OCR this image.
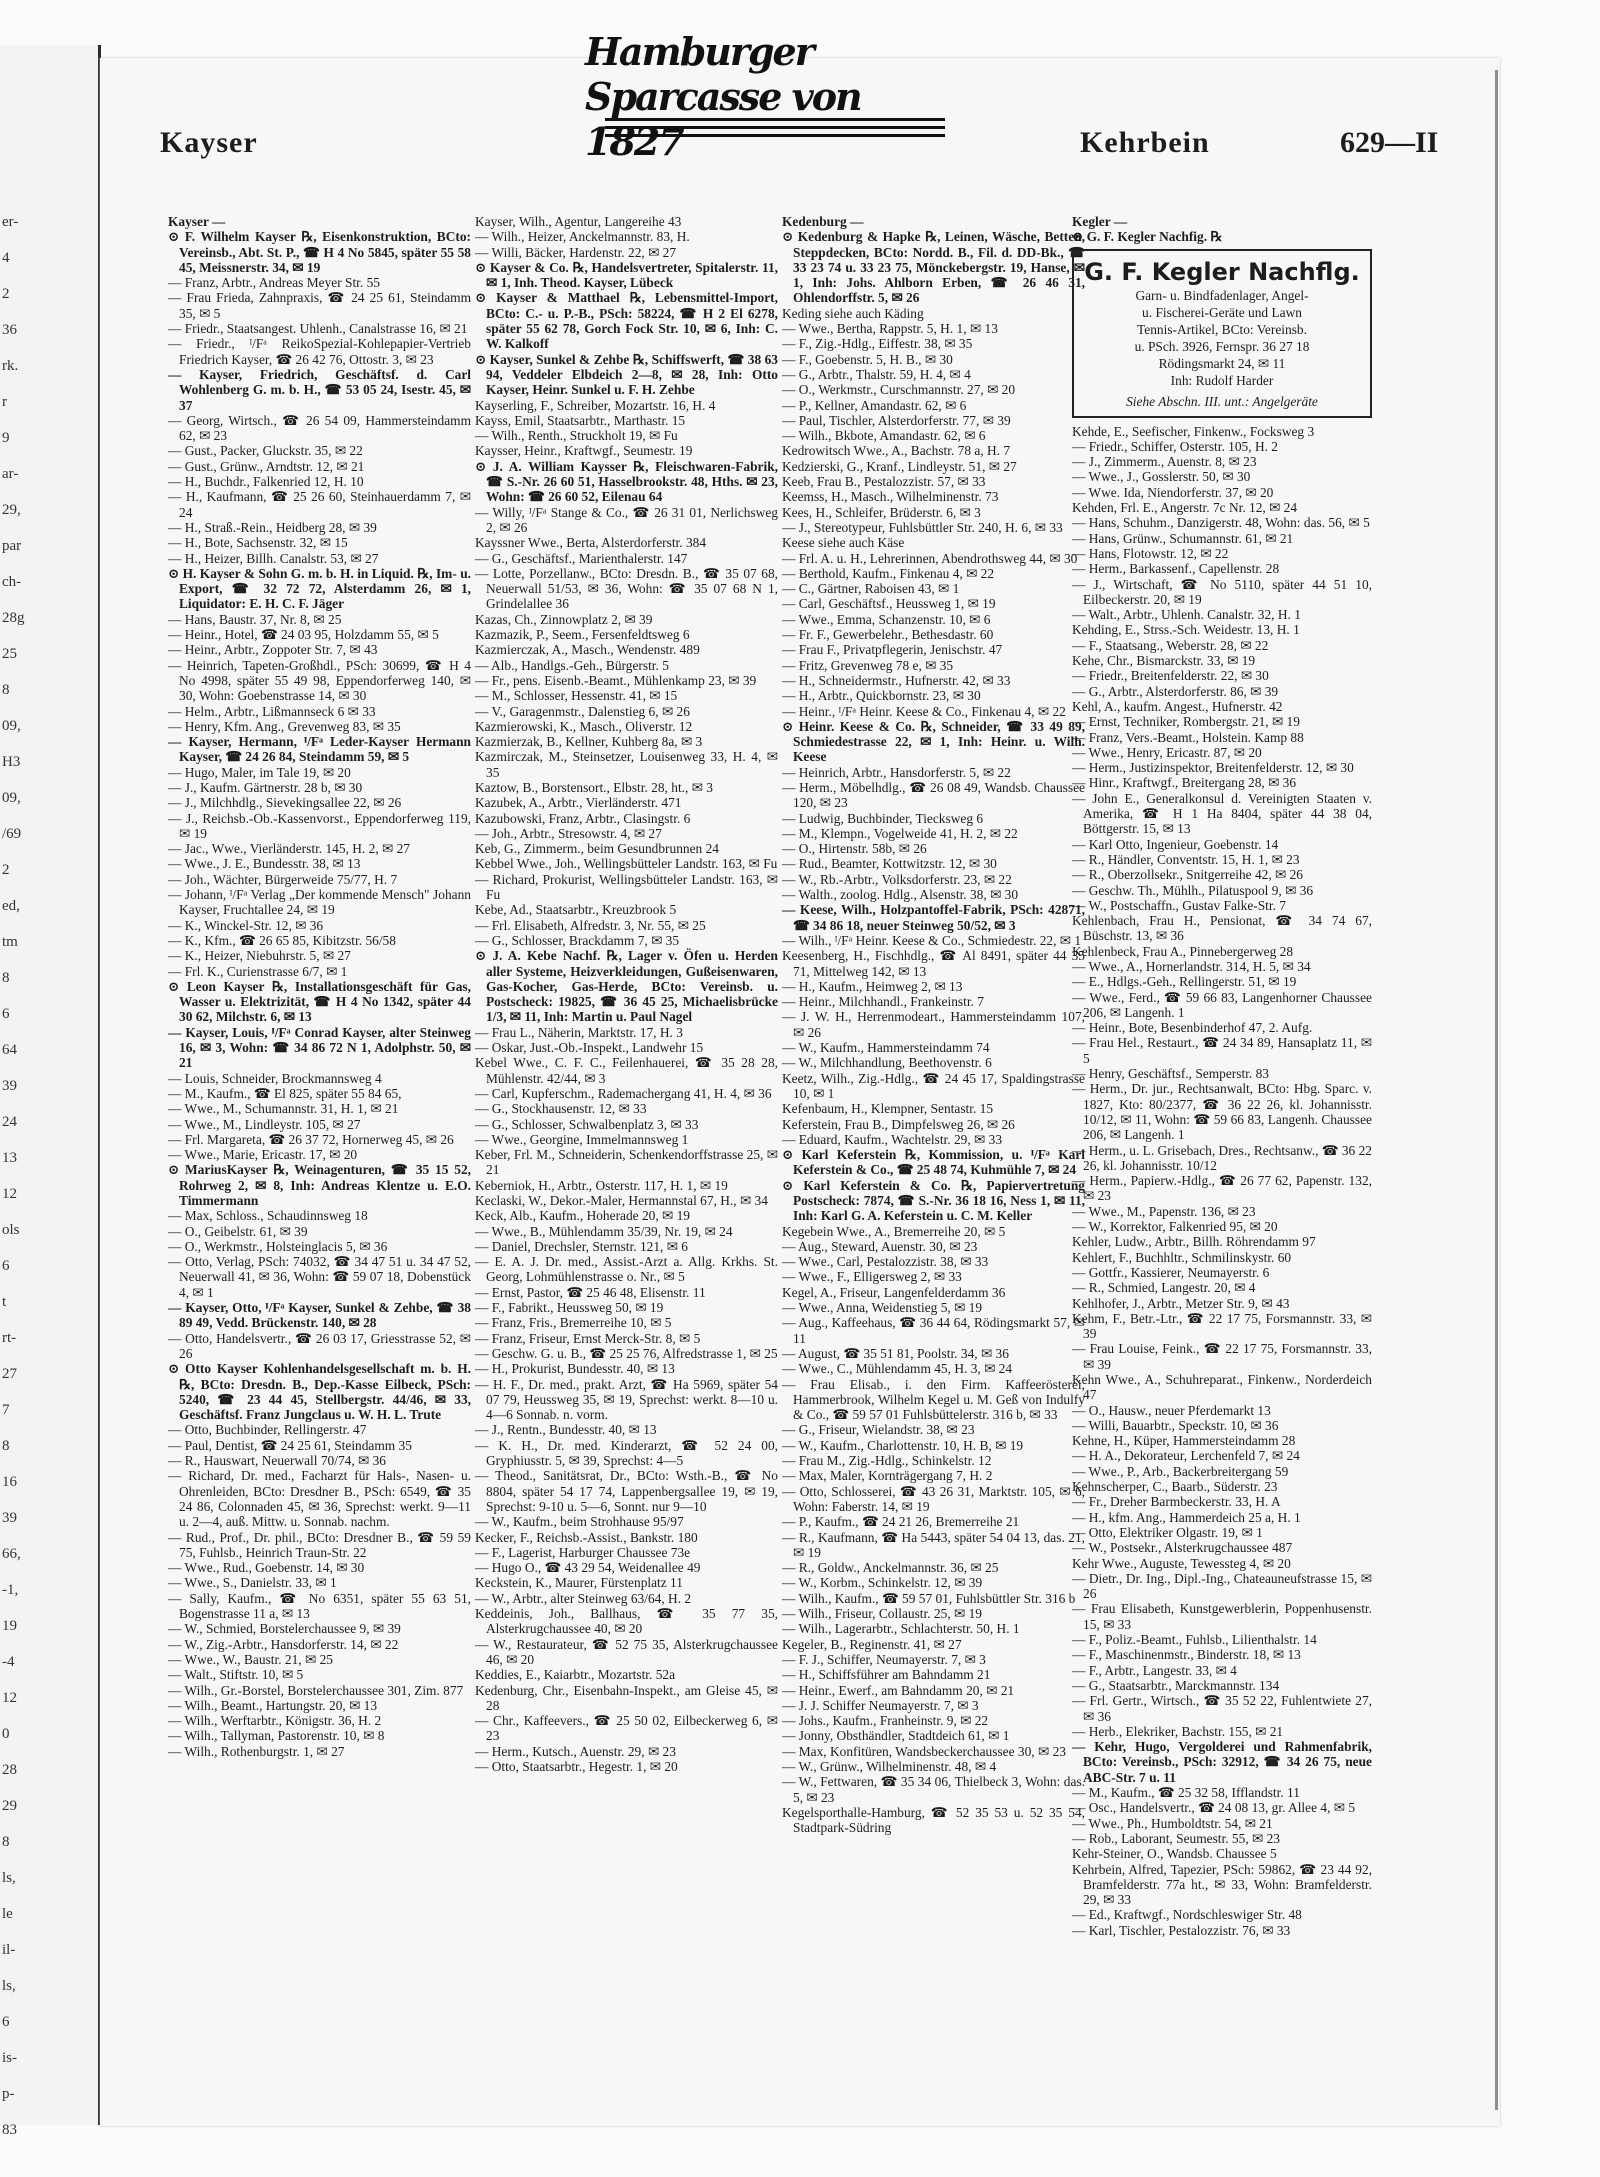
er-
4
2
36
rk.
r
9
ar-
29,
par
ch-
28g
25
8
09,
H3
09,
/69
2
ed,
tm
8
6
64
39
24
13
12
ols
6
t
rt-
27
7
8
16
39
66,
-1,
19
-4
12
0
28
29
8
ls,
le
il-
ls,
6
is-
p-
83
Kayser
Hamburger Sparcasse von 1827	Kehrbein	629—II

Kayser —

⊙ F. Wilhelm Kayser ℞, Eisenkonstruktion, BCto: Vereinsb., Abt. St. P., ☎ H 4 No 5845, später 55 58 45, Meissnerstr. 34, ✉ 19

— Franz, Arbtr., Andreas Meyer Str. 55

— Frau Frieda, Zahnpraxis, ☎ 24 25 61, Steindamm 35, ✉ 5

— Friedr., Staatsangest. Uhlenh., Canalstrasse 16, ✉ 21

— Friedr., ᴵ/Fᵃ ReikoSpezial-Kohlepapier-Vertrieb Friedrich Kayser, ☎ 26 42 76, Ottostr. 3, ✉ 23

— Kayser, Friedrich, Geschäftsf. d. Carl Wohlenberg G. m. b. H., ☎ 53 05 24, Isestr. 45, ✉ 37

— Georg, Wirtsch., ☎ 26 54 09, Hammersteindamm 62, ✉ 23

— Gust., Packer, Gluckstr. 35, ✉ 22

— Gust., Grünw., Arndtstr. 12, ✉ 21

— H., Buchdr., Falkenried 12, H. 10

— H., Kaufmann, ☎ 25 26 60, Steinhauerdamm 7, ✉ 24

— H., Straß.-Rein., Heidberg 28, ✉ 39

— H., Bote, Sachsenstr. 32, ✉ 15

— H., Heizer, Billh. Canalstr. 53, ✉ 27

⊙ H. Kayser & Sohn G. m. b. H. in Liquid. ℞, Im- u. Export, ☎ 32 72 72, Alsterdamm 26, ✉ 1, Liquidator: E. H. C. F. Jäger

— Hans, Baustr. 37, Nr. 8, ✉ 25

— Heinr., Hotel, ☎ 24 03 95, Holzdamm 55, ✉ 5

— Heinr., Arbtr., Zoppoter Str. 7, ✉ 43

— Heinrich, Tapeten-Großhdl., PSch: 30699, ☎ H 4 No 4998, später 55 49 98, Eppendorferweg 140, ✉ 30, Wohn: Goebenstrasse 14, ✉ 30

— Helm., Arbtr., Lißmannseck 6 ✉ 33

— Henry, Kfm. Ang., Grevenweg 83, ✉ 35

— Kayser, Hermann, ᴵ/Fᵃ Leder-Kayser Hermann Kayser, ☎ 24 26 84, Steindamm 59, ✉ 5

— Hugo, Maler, im Tale 19, ✉ 20

— J., Kaufm. Gärtnerstr. 28 b, ✉ 30

— J., Milchhdlg., Sievekingsallee 22, ✉ 26

— J., Reichsb.-Ob.-Kassenvorst., Eppendorferweg 119, ✉ 19

— Jac., Wwe., Vierländerstr. 145, H. 2, ✉ 27

— Wwe., J. E., Bundesstr. 38, ✉ 13

— Joh., Wächter, Bürgerweide 75/77, H. 7

— Johann, ᴵ/Fᵃ Verlag „Der kommende Mensch" Johann Kayser, Fruchtallee 24, ✉ 19

— K., Winckel-Str. 12, ✉ 36

— K., Kfm., ☎ 26 65 85, Kibitzstr. 56/58

— K., Heizer, Niebuhrstr. 5, ✉ 27

— Frl. K., Curienstrasse 6/7, ✉ 1

⊙ Leon Kayser ℞, Installationsgeschäft für Gas, Wasser u. Elektrizität, ☎ H 4 No 1342, später 44 30 62, Milchstr. 6, ✉ 13

— Kayser, Louis, ᴵ/Fᵃ Conrad Kayser, alter Steinweg 16, ✉ 3, Wohn: ☎ 34 86 72 N 1, Adolphstr. 50, ✉ 21

— Louis, Schneider, Brockmannsweg 4

— M., Kaufm., ☎ El 825, später 55 84 65,

— Wwe., M., Schumannstr. 31, H. 1, ✉ 21

— Wwe., M., Lindleystr. 105, ✉ 27

— Frl. Margareta, ☎ 26 37 72, Hornerweg 45, ✉ 26

— Wwe., Marie, Ericastr. 17, ✉ 20

⊙ MariusKayser ℞, Weinagenturen, ☎ 35 15 52, Rohrweg 2, ✉ 8, Inh: Andreas Klentze u. E.O. Timmermann

— Max, Schloss., Schaudinnsweg 18

— O., Geibelstr. 61, ✉ 39

— O., Werkmstr., Holsteinglacis 5, ✉ 36

— Otto, Verlag, PSch: 74032, ☎ 34 47 51 u. 34 47 52, Neuerwall 41, ✉ 36, Wohn: ☎ 59 07 18, Dobenstück 4, ✉ 1

— Kayser, Otto, ᴵ/Fᵃ Kayser, Sunkel & Zehbe, ☎ 38 89 49, Vedd. Brückenstr. 140, ✉ 28

— Otto, Handelsvertr., ☎ 26 03 17, Griesstrasse 52, ✉ 26

⊙ Otto Kayser Kohlenhandelsgesellschaft m. b. H. ℞, BCto: Dresdn. B., Dep.-Kasse Eilbeck, PSch: 5240, ☎ 23 44 45, Stellbergstr. 44/46, ✉ 33, Geschäftsf. Franz Jungclaus u. W. H. L. Trute

— Otto, Buchbinder, Rellingerstr. 47

— Paul, Dentist, ☎ 24 25 61, Steindamm 35

— R., Hauswart, Neuerwall 70/74, ✉ 36

— Richard, Dr. med., Facharzt für Hals-, Nasen- u. Ohrenleiden, BCto: Dresdner B., PSch: 6549, ☎ 35 24 86, Colonnaden 45, ✉ 36, Sprechst: werkt. 9—11 u. 2—4, auß. Mittw. u. Sonnab. nachm.

— Rud., Prof., Dr. phil., BCto: Dresdner B., ☎ 59 59 75, Fuhlsb., Heinrich Traun-Str. 22

— Wwe., Rud., Goebenstr. 14, ✉ 30

— Wwe., S., Danielstr. 33, ✉ 1

— Sally, Kaufm., ☎ No 6351, später 55 63 51, Bogenstrasse 11 a, ✉ 13

— W., Schmied, Borstelerchaussee 9, ✉ 39

— W., Zig.-Arbtr., Hansdorferstr. 14, ✉ 22

— Wwe., W., Baustr. 21, ✉ 25

— Walt., Stiftstr. 10, ✉ 5

— Wilh., Gr.-Borstel, Borstelerchaussee 301, Zim. 877

— Wilh., Beamt., Hartungstr. 20, ✉ 13

— Wilh., Werftarbtr., Königstr. 36, H. 2

— Wilh., Tallyman, Pastorenstr. 10, ✉ 8

— Wilh., Rothenburgstr. 1, ✉ 27

Kayser, Wilh., Agentur, Langereihe 43

— Wilh., Heizer, Anckelmannstr. 83, H.

— Willi, Bäcker, Hardenstr. 22, ✉ 27

⊙ Kayser & Co. ℞, Handelsvertreter, Spitalerstr. 11, ✉ 1, Inh. Theod. Kayser, Lübeck

⊙ Kayser & Matthael ℞, Lebensmittel-Import, BCto: C.- u. P.-B., PSch: 58224, ☎ H 2 El 6278, später 55 62 78, Gorch Fock Str. 10, ✉ 6, Inh: C. W. Kalkoff

⊙ Kayser, Sunkel & Zehbe ℞, Schiffswerft, ☎ 38 63 94, Veddeler Elbdeich 2—8, ✉ 28, Inh: Otto Kayser, Heinr. Sunkel u. F. H. Zehbe

Kayserling, F., Schreiber, Mozartstr. 16, H. 4

Kayss, Emil, Staatsarbtr., Marthastr. 15

— Wilh., Renth., Struckholt 19, ✉ Fu

Kaysser, Heinr., Kraftwgf., Seumestr. 19

⊙ J. A. William Kaysser ℞, Fleischwaren-Fabrik, ☎ S.-Nr. 26 60 51, Hasselbrookstr. 48, Hths. ✉ 23, Wohn: ☎ 26 60 52, Eilenau 64

— Willy, ᴵ/Fᵃ Stange & Co., ☎ 26 31 01, Nerlichsweg 2, ✉ 26

Kayssner Wwe., Berta, Alsterdorferstr. 384

— G., Geschäftsf., Marienthalerstr. 147

— Lotte, Porzellanw., BCto: Dresdn. B., ☎ 35 07 68, Neuerwall 51/53, ✉ 36, Wohn: ☎ 35 07 68 N 1, Grindelallee 36

Kazas, Ch., Zinnowplatz 2, ✉ 39

Kazmazik, P., Seem., Fersenfeldtsweg 6

Kazmierczak, A., Masch., Wendenstr. 489

— Alb., Handlgs.-Geh., Bürgerstr. 5

— Fr., pens. Eisenb.-Beamt., Mühlenkamp 23, ✉ 39

— M., Schlosser, Hessenstr. 41, ✉ 15

— V., Garagenmstr., Dalenstieg 6, ✉ 26

Kazmierowski, K., Masch., Oliverstr. 12

Kazmierzak, B., Kellner, Kuhberg 8a, ✉ 3

Kazmirczak, M., Steinsetzer, Louisenweg 33, H. 4, ✉ 35

Kaztow, B., Borstensort., Elbstr. 28, ht., ✉ 3

Kazubek, A., Arbtr., Vierländerstr. 471

Kazubowski, Franz, Arbtr., Clasingstr. 6

— Joh., Arbtr., Stresowstr. 4, ✉ 27

Keb, G., Zimmerm., beim Gesundbrunnen 24

Kebbel Wwe., Joh., Wellingsbütteler Landstr. 163, ✉ Fu

— Richard, Prokurist, Wellingsbütteler Landstr. 163, ✉ Fu

Kebe, Ad., Staatsarbtr., Kreuzbrook 5

— Frl. Elisabeth, Alfredstr. 3, Nr. 55, ✉ 25

— G., Schlosser, Brackdamm 7, ✉ 35

⊙ J. A. Kebe Nachf. ℞, Lager v. Öfen u. Herden aller Systeme, Heizverkleidungen, Gußeisenwaren, Gas-Kocher, Gas-Herde, BCto: Vereinsb. u. Postscheck: 19825, ☎ 36 45 25, Michaelisbrücke 1/3, ✉ 11, Inh: Martin u. Paul Nagel

— Frau L., Näherin, Marktstr. 17, H. 3

— Oskar, Just.-Ob.-Inspekt., Landwehr 15

Kebel Wwe., C. F. C., Feilenhauerei, ☎ 35 28 28, Mühlenstr. 42/44, ✉ 3

— Carl, Kupferschm., Rademachergang 41, H. 4, ✉ 36

— G., Stockhausenstr. 12, ✉ 33

— G., Schlosser, Schwalbenplatz 3, ✉ 33

— Wwe., Georgine, Immelmannsweg 1

Keber, Frl. M., Schneiderin, Schenkendorffstrasse 25, ✉ 21

Keberniok, H., Arbtr., Osterstr. 117, H. 1, ✉ 19

Keclaski, W., Dekor.-Maler, Hermannstal 67, H., ✉ 34

Keck, Alb., Kaufm., Hoherade 20, ✉ 19

— Wwe., B., Mühlendamm 35/39, Nr. 19, ✉ 24

— Daniel, Drechsler, Sternstr. 121, ✉ 6

— E. A. J. Dr. med., Assist.-Arzt a. Allg. Krkhs. St. Georg, Lohmühlenstrasse o. Nr., ✉ 5

— Ernst, Pastor, ☎ 25 46 48, Elisenstr. 11

— F., Fabrikt., Heussweg 50, ✉ 19

— Franz, Fris., Bremerreihe 10, ✉ 5

— Franz, Friseur, Ernst Merck-Str. 8, ✉ 5

— Geschw. G. u. B., ☎ 25 25 76, Alfredstrasse 1, ✉ 25

— H., Prokurist, Bundesstr. 40, ✉ 13

— H. F., Dr. med., prakt. Arzt, ☎ Ha 5969, später 54 07 79, Heussweg 35, ✉ 19, Sprechst: werkt. 8—10 u. 4—6 Sonnab. n. vorm.

— J., Rentn., Bundesstr. 40, ✉ 13

— K. H., Dr. med. Kinderarzt, ☎ 52 24 00, Gryphiusstr. 5, ✉ 39, Sprechst: 4—5

— Theod., Sanitätsrat, Dr., BCto: Wsth.-B., ☎ No 8804, später 54 17 74, Lappenbergsallee 19, ✉ 19, Sprechst: 9-10 u. 5—6, Sonnt. nur 9—10

— W., Kaufm., beim Strohhause 95/97

Kecker, F., Reichsb.-Assist., Bankstr. 180

— F., Lagerist, Harburger Chaussee 73e

— Hugo O., ☎ 43 29 54, Weidenallee 49

Keckstein, K., Maurer, Fürstenplatz 11

— W., Arbtr., alter Steinweg 63/64, H. 2

Keddeinis, Joh., Ballhaus, ☎ 35 77 35, Alsterkrugchaussee 40, ✉ 20

— W., Restaurateur, ☎ 52 75 35, Alsterkrugchaussee 46, ✉ 20

Keddies, E., Kaiarbtr., Mozartstr. 52a

Kedenburg, Chr., Eisenbahn-Inspekt., am Gleise 45, ✉ 28

— Chr., Kaffeevers., ☎ 25 50 02, Eilbeckerweg 6, ✉ 23

— Herm., Kutsch., Auenstr. 29, ✉ 23

— Otto, Staatsarbtr., Hegestr. 1, ✉ 20

Kedenburg —

⊙ Kedenburg & Hapke ℞, Leinen, Wäsche, Betten, Steppdecken, BCto: Nordd. B., Fil. d. DD-Bk., ☎ 33 23 74 u. 33 23 75, Mönckebergstr. 19, Hanse, ✉ 1, Inh: Johs. Ahlborn Erben, ☎ 26 46 31, Ohlendorffstr. 5, ✉ 26

Keding siehe auch Käding

— Wwe., Bertha, Rappstr. 5, H. 1, ✉ 13

— F., Zig.-Hdlg., Eiffestr. 38, ✉ 35

— F., Goebenstr. 5, H. B., ✉ 30

— G., Arbtr., Thalstr. 59, H. 4, ✉ 4

— O., Werkmstr., Curschmannstr. 27, ✉ 20

— P., Kellner, Amandastr. 62, ✉ 6

— Paul, Tischler, Alsterdorferstr. 77, ✉ 39

— Wilh., Bkbote, Amandastr. 62, ✉ 6

Kedrowitsch Wwe., A., Bachstr. 78 a, H. 7

Kedzierski, G., Kranf., Lindleystr. 51, ✉ 27

Keeb, Frau B., Pestalozzistr. 57, ✉ 33

Keemss, H., Masch., Wilhelminenstr. 73

Kees, H., Schleifer, Brüderstr. 6, ✉ 3

— J., Stereotypeur, Fuhlsbüttler Str. 240, H. 6, ✉ 33

Keese siehe auch Käse

— Frl. A. u. H., Lehrerinnen, Abendrothsweg 44, ✉ 30

— Berthold, Kaufm., Finkenau 4, ✉ 22

— C., Gärtner, Raboisen 43, ✉ 1

— Carl, Geschäftsf., Heussweg 1, ✉ 19

— Wwe., Emma, Schanzenstr. 10, ✉ 6

— Fr. F., Gewerbelehr., Bethesdastr. 60

— Frau F., Privatpflegerin, Jenischstr. 47

— Fritz, Grevenweg 78 e, ✉ 35

— H., Schneidermstr., Hufnerstr. 42, ✉ 33

— H., Arbtr., Quickbornstr. 23, ✉ 30

— Heinr., ᴵ/Fᵃ Heinr. Keese & Co., Finkenau 4, ✉ 22

⊙ Heinr. Keese & Co. ℞, Schneider, ☎ 33 49 89, Schmiedestrasse 22, ✉ 1, Inh: Heinr. u. Wilh. Keese

— Heinrich, Arbtr., Hansdorferstr. 5, ✉ 22

— Herm., Möbelhdlg., ☎ 26 08 49, Wandsb. Chaussee 120, ✉ 23

— Ludwig, Buchbinder, Tiecksweg 6

— M., Klempn., Vogelweide 41, H. 2, ✉ 22

— O., Hirtenstr. 58b, ✉ 26

— Rud., Beamter, Kottwitzstr. 12, ✉ 30

— W., Rb.-Arbtr., Volksdorferstr. 23, ✉ 22

— Walth., zoolog. Hdlg., Alsenstr. 38, ✉ 30

— Keese, Wilh., Holzpantoffel-Fabrik, PSch: 42871, ☎ 34 86 18, neuer Steinweg 50/52, ✉ 3

— Wilh., ᴵ/Fᵃ Heinr. Keese & Co., Schmiedestr. 22, ✉ 1

Keesenberg, H., Fischhdlg., ☎ Al 8491, später 44 35 71, Mittelweg 142, ✉ 13

— H., Kaufm., Heimweg 2, ✉ 13

— Heinr., Milchhandl., Frankeinstr. 7

— J. W. H., Herrenmodeart., Hammersteindamm 107, ✉ 26

— W., Kaufm., Hammersteindamm 74

— W., Milchhandlung, Beethovenstr. 6

Keetz, Wilh., Zig.-Hdlg., ☎ 24 45 17, Spaldingstrasse 10, ✉ 1

Kefenbaum, H., Klempner, Sentastr. 15

Keferstein, Frau B., Dimpfelsweg 26, ✉ 26

— Eduard, Kaufm., Wachtelstr. 29, ✉ 33

⊙ Karl Keferstein ℞, Kommission, u. ᴵ/Fᵃ Karl Keferstein & Co., ☎ 25 48 74, Kuhmühle 7, ✉ 24

⊙ Karl Keferstein & Co. ℞, Papiervertretung Postscheck: 7874, ☎ S.-Nr. 36 18 16, Ness 1, ✉ 11, Inh: Karl G. A. Keferstein u. C. M. Keller

Kegebein Wwe., A., Bremerreihe 20, ✉ 5

— Aug., Steward, Auenstr. 30, ✉ 23

— Wwe., Carl, Pestalozzistr. 38, ✉ 33

— Wwe., F., Elligersweg 2, ✉ 33

Kegel, A., Friseur, Langenfelderdamm 36

— Wwe., Anna, Weidenstieg 5, ✉ 19

— Aug., Kaffeehaus, ☎ 36 44 64, Rödingsmarkt 57, ✉ 11

— August, ☎ 35 51 81, Poolstr. 34, ✉ 36

— Wwe., C., Mühlendamm 45, H. 3, ✉ 24

— Frau Elisab., i. den Firm. Kaffeerösterei, Hammerbrook, Wilhelm Kegel u. M. Geß von Indulfy & Co., ☎ 59 57 01 Fuhlsbüttelerstr. 316 b, ✉ 33

— G., Friseur, Wielandstr. 38, ✉ 23

— W., Kaufm., Charlottenstr. 10, H. B, ✉ 19

— Frau M., Zig.-Hdlg., Schinkelstr. 12

— Max, Maler, Kornträgergang 7, H. 2

— Otto, Schlosserei, ☎ 43 26 31, Marktstr. 105, ✉ 6, Wohn: Faberstr. 14, ✉ 19

— P., Kaufm., ☎ 24 21 26, Bremerreihe 21

— R., Kaufmann, ☎ Ha 5443, später 54 04 13, das. 21, ✉ 19

— R., Goldw., Anckelmannstr. 36, ✉ 25

— W., Korbm., Schinkelstr. 12, ✉ 39

— Wilh., Kaufm., ☎ 59 57 01, Fuhlsbüttler Str. 316 b

— Wilh., Friseur, Collaustr. 25, ✉ 19

— Wilh., Lagerarbtr., Schlachterstr. 50, H. 1

Kegeler, B., Reginenstr. 41, ✉ 27

— F. J., Schiffer, Neumayerstr. 7, ✉ 3

— H., Schiffsführer am Bahndamm 21

— Heinr., Ewerf., am Bahndamm 20, ✉ 21

— J. J. Schiffer Neumayerstr. 7, ✉ 3

— Johs., Kaufm., Franheinstr. 9, ✉ 22

— Jonny, Obsthändler, Stadtdeich 61, ✉ 1

— Max, Konfitüren, Wandsbeckerchaussee 30, ✉ 23

— W., Grünw., Wilhelminenstr. 48, ✉ 4

— W., Fettwaren, ☎ 35 34 06, Thielbeck 3, Wohn: das. 5, ✉ 23

Kegelsporthalle-Hamburg, ☎ 52 35 53 u. 52 35 54, Stadtpark-Südring

Kegler —

⊙ G. F. Kegler Nachfig. ℞

G. F. Kegler Nachflg.
Garn- u. Bindfadenlager, Angel-
u. Fischerei-Geräte und Lawn
Tennis-Artikel, BCto: Vereinsb.
u. PSch. 3926, Fernspr. 36 27 18
Rödingsmarkt 24, ✉ 11
Inh: Rudolf Harder
Siehe Abschn. III. unt.: Angelgeräte

Kehde, E., Seefischer, Finkenw., Focksweg 3

— Friedr., Schiffer, Osterstr. 105, H. 2

— J., Zimmerm., Auenstr. 8, ✉ 23

— Wwe., J., Gosslerstr. 50, ✉ 30

— Wwe. Ida, Niendorferstr. 37, ✉ 20

Kehden, Frl. E., Angerstr. 7c Nr. 12, ✉ 24

— Hans, Schuhm., Danzigerstr. 48, Wohn: das. 56, ✉ 5

— Hans, Grünw., Schumannstr. 61, ✉ 21

— Hans, Flotowstr. 12, ✉ 22

— Herm., Barkassenf., Capellenstr. 28

— J., Wirtschaft, ☎ No 5110, später 44 51 10, Eilbeckerstr. 20, ✉ 19

— Walt., Arbtr., Uhlenh. Canalstr. 32, H. 1

Kehding, E., Strss.-Sch. Weidestr. 13, H. 1

— F., Staatsang., Weberstr. 28, ✉ 22

Kehe, Chr., Bismarckstr. 33, ✉ 19

— Friedr., Breitenfelderstr. 22, ✉ 30

— G., Arbtr., Alsterdorferstr. 86, ✉ 39

Kehl, A., kaufm. Angest., Hufnerstr. 42

— Ernst, Techniker, Rombergstr. 21, ✉ 19

— Franz, Vers.-Beamt., Holstein. Kamp 88

— Wwe., Henry, Ericastr. 87, ✉ 20

— Herm., Justizinspektor, Breitenfelderstr. 12, ✉ 30

— Hinr., Kraftwgf., Breitergang 28, ✉ 36

— John E., Generalkonsul d. Vereinigten Staaten v. Amerika, ☎ H 1 Ha 8404, später 44 38 04, Böttgerstr. 15, ✉ 13

— Karl Otto, Ingenieur, Goebenstr. 14

— R., Händler, Conventstr. 15, H. 1, ✉ 23

— R., Oberzollsekr., Snitgerreihe 42, ✉ 26

— Geschw. Th., Mühlh., Pilatuspool 9, ✉ 36

— W., Postschaffn., Gustav Falke-Str. 7

Kehlenbach, Frau H., Pensionat, ☎ 34 74 67, Büschstr. 13, ✉ 36

Kehlenbeck, Frau A., Pinnebergerweg 28

— Wwe., A., Hornerlandstr. 314, H. 5, ✉ 34

— E., Hdlgs.-Geh., Rellingerstr. 51, ✉ 19

— Wwe., Ferd., ☎ 59 66 83, Langenhorner Chaussee 206, ✉ Langenh. 1

— Heinr., Bote, Besenbinderhof 47, 2. Aufg.

— Frau Hel., Restaurt., ☎ 24 34 89, Hansaplatz 11, ✉ 5

— Henry, Geschäftsf., Semperstr. 83

— Herm., Dr. jur., Rechtsanwalt, BCto: Hbg. Sparc. v. 1827, Kto: 80/2377, ☎ 36 22 26, kl. Johannisstr. 10/12, ✉ 11, Wohn: ☎ 59 66 83, Langenh. Chaussee 206, ✉ Langenh. 1

— Herm., u. L. Grisebach, Dres., Rechtsanw., ☎ 36 22 26, kl. Johannisstr. 10/12

— Herm., Papierw.-Hdlg., ☎ 26 77 62, Papenstr. 132, ✉ 23

— Wwe., M., Papenstr. 136, ✉ 23

— W., Korrektor, Falkenried 95, ✉ 20

Kehler, Ludw., Arbtr., Billh. Röhrendamm 97

Kehlert, F., Buchhltr., Schmilinskystr. 60

— Gottfr., Kassierer, Neumayerstr. 6

— R., Schmied, Langestr. 20, ✉ 4

Kehlhofer, J., Arbtr., Metzer Str. 9, ✉ 43

Kehm, F., Betr.-Ltr., ☎ 22 17 75, Forsmannstr. 33, ✉ 39

— Frau Louise, Feink., ☎ 22 17 75, Forsmannstr. 33, ✉ 39

Kehn Wwe., A., Schuhreparat., Finkenw., Norderdeich 47

— O., Hausw., neuer Pferdemarkt 13

— Willi, Bauarbtr., Speckstr. 10, ✉ 36

Kehne, H., Küper, Hammersteindamm 28

— H. A., Dekorateur, Lerchenfeld 7, ✉ 24

— Wwe., P., Arb., Backerbreitergang 59

Kehnscherper, C., Baarb., Süderstr. 23

— Fr., Dreher Barmbeckerstr. 33, H. A

— H., kfm. Ang., Hammerdeich 25 a, H. 1

— Otto, Elektriker Olgastr. 19, ✉ 1

— W., Postsekr., Alsterkrugchaussee 487

Kehr Wwe., Auguste, Tewessteg 4, ✉ 20

— Dietr., Dr. Ing., Dipl.-Ing., Chateauneufstrasse 15, ✉ 26

— Frau Elisabeth, Kunstgewerblerin, Poppenhusenstr. 15, ✉ 33

— F., Poliz.-Beamt., Fuhlsb., Lilienthalstr. 14

— F., Maschinenmstr., Binderstr. 18, ✉ 13

— F., Arbtr., Langestr. 33, ✉ 4

— G., Staatsarbtr., Marckmannstr. 134

— Frl. Gertr., Wirtsch., ☎ 35 52 22, Fuhlentwiete 27, ✉ 36

— Herb., Elekriker, Bachstr. 155, ✉ 21

— Kehr, Hugo, Vergolderei und Rahmenfabrik, BCto: Vereinsb., PSch: 32912, ☎ 34 26 75, neue ABC-Str. 7 u. 11

— M., Kaufm., ☎ 25 32 58, Ifflandstr. 11

— Osc., Handelsvertr., ☎ 24 08 13, gr. Allee 4, ✉ 5

— Wwe., Ph., Humboldtstr. 54, ✉ 21

— Rob., Laborant, Seumestr. 55, ✉ 23

Kehr-Steiner, O., Wandsb. Chaussee 5

Kehrbein, Alfred, Tapezier, PSch: 59862, ☎ 23 44 92, Bramfelderstr. 77a ht., ✉ 33, Wohn: Bramfelderstr. 29, ✉ 33

— Ed., Kraftwgf., Nordschleswiger Str. 48

— Karl, Tischler, Pestalozzistr. 76, ✉ 33
